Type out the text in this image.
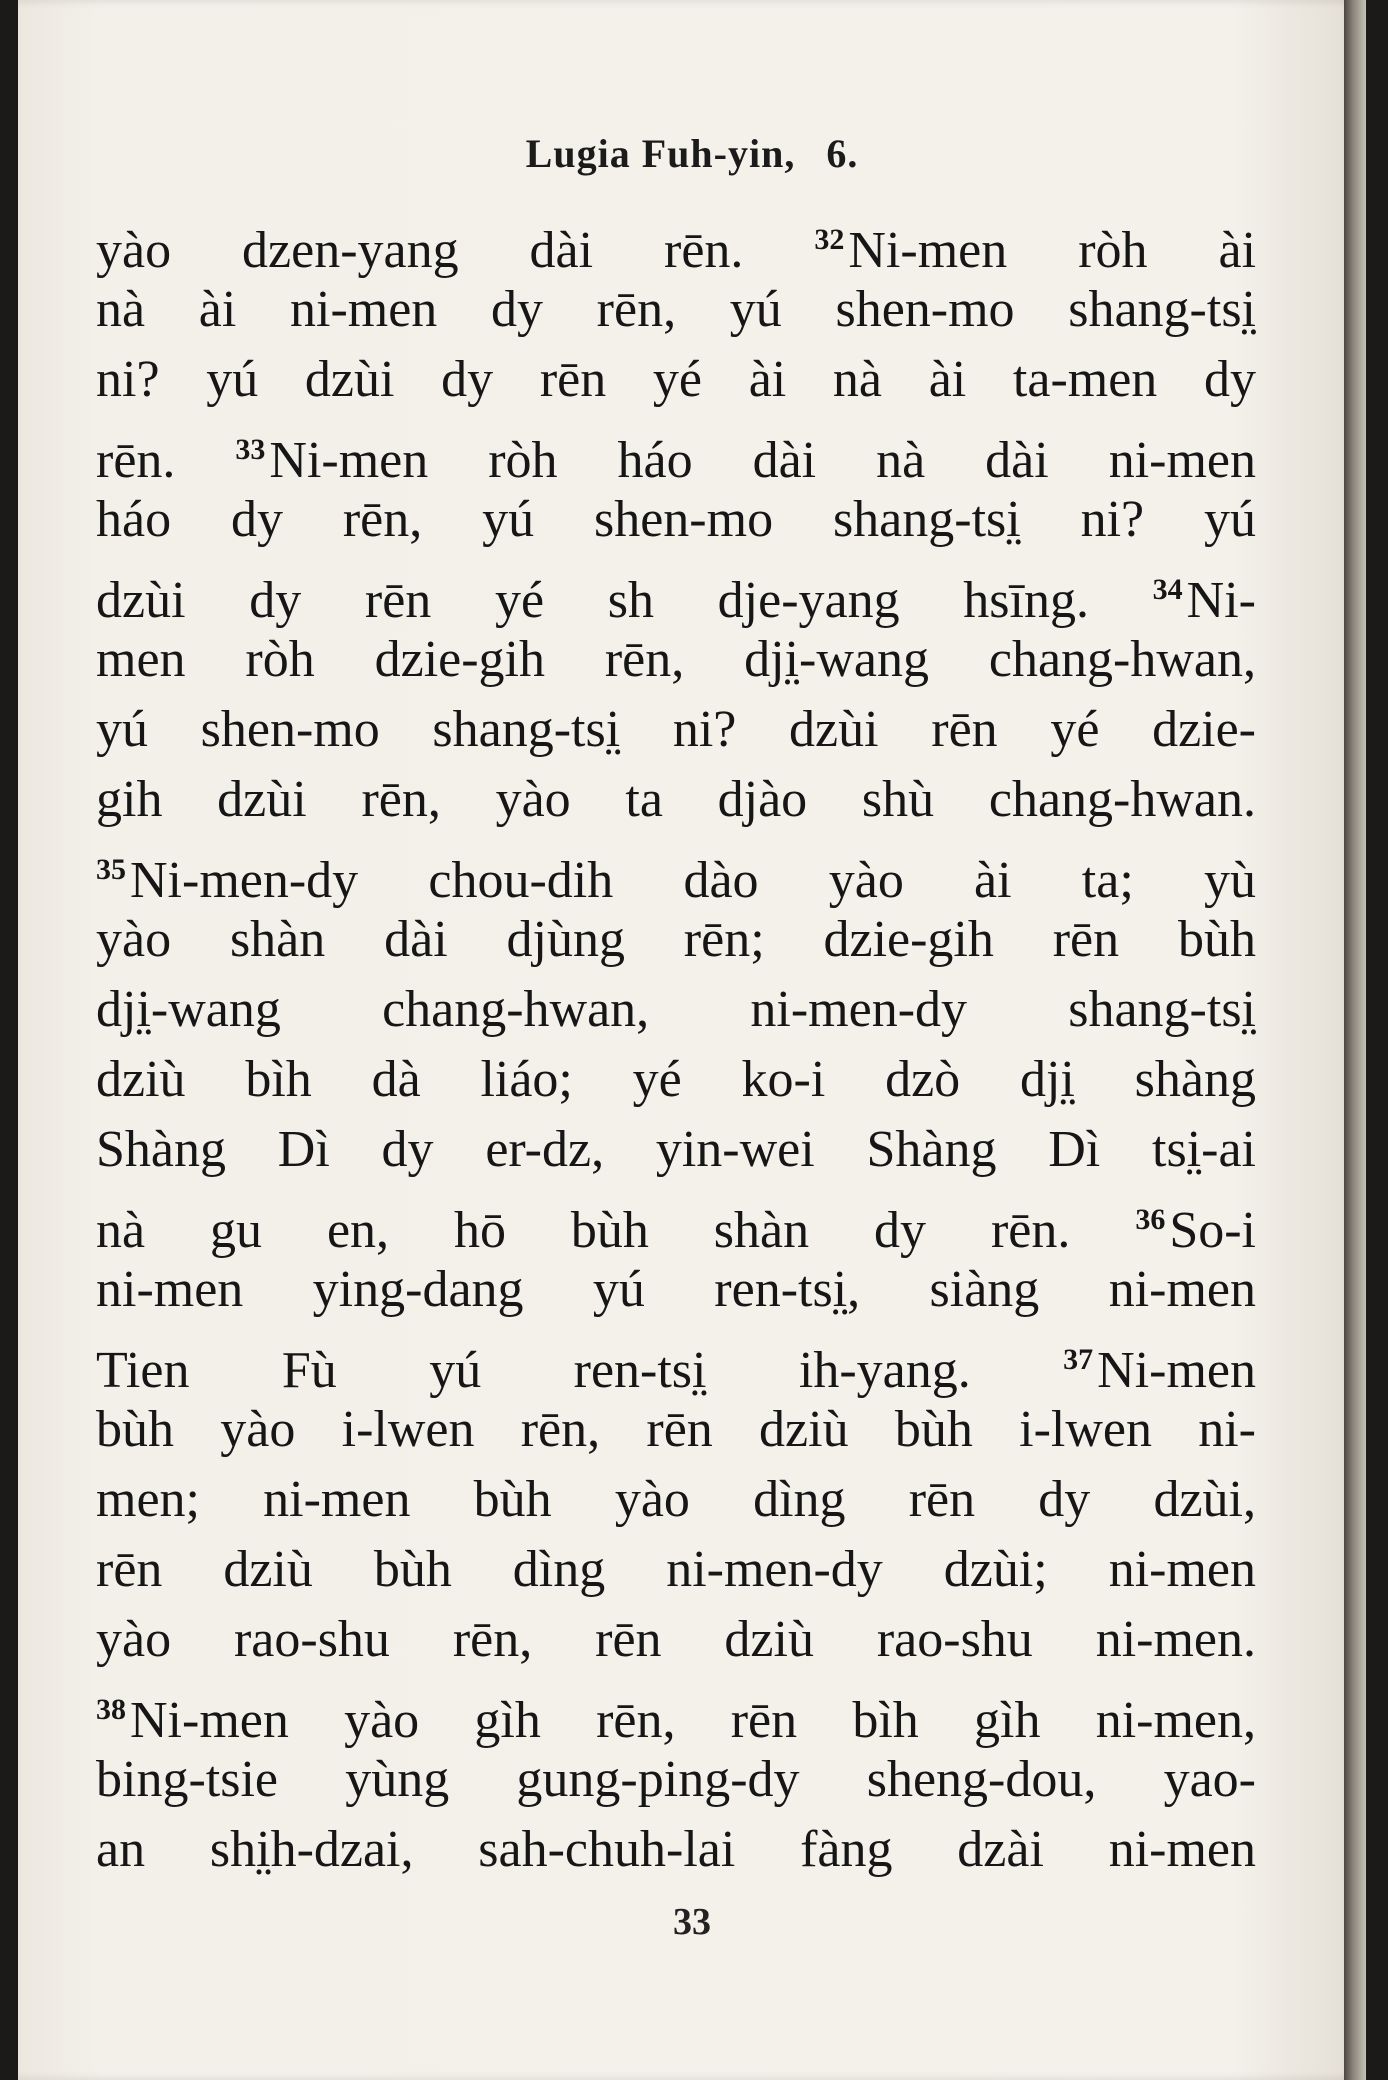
Lugia Fuh-yin, 6.
yào dzen-yang dài rēn. $^{32}$Ni-men ròh ài
nà ài ni-men dy rēn, yú shen-mo shang-tsi̤
ni? yú dzùi dy rēn yé ài nà ài ta-men dy
rēn. $^{33}$Ni-men ròh háo dài nà dài ni-men
háo dy rēn, yú shen-mo shang-tsi̤ ni? yú
dzùi dy rēn yé sh dje-yang hsīng. $^{34}$Ni-
men ròh dzie-gih rēn, dji̤-wang chang-hwan,
yú shen-mo shang-tsi̤ ni? dzùi rēn yé dzie-
gih dzùi rēn, yào ta djào shù chang-hwan.
$^{35}$Ni-men-dy chou-dih dào yào ài ta; yù
yào shàn dài djùng rēn; dzie-gih rēn bùh
dji̤-wang chang-hwan, ni-men-dy shang-tsi̤
dziù bìh dà liáo; yé ko-i dzò dji̤ shàng
Shàng Dì dy er-dz, yin-wei Shàng Dì tsi̤-ai
nà gu en, hō bùh shàn dy rēn. $^{36}$So-i
ni-men ying-dang yú ren-tsi̤, siàng ni-men
Tien Fù yú ren-tsi̤ ih-yang. $^{37}$Ni-men
bùh yào i-lwen rēn, rēn dziù bùh i-lwen ni-
men; ni-men bùh yào dìng rēn dy dzùi,
rēn dziù bùh dìng ni-men-dy dzùi; ni-men
yào rao-shu rēn, rēn dziù rao-shu ni-men.
$^{38}$Ni-men yào gìh rēn, rēn bìh gìh ni-men,
bing-tsie yùng gung-ping-dy sheng-dou, yao-
an shi̤h-dzai, sah-chuh-lai fàng dzài ni-men
33
